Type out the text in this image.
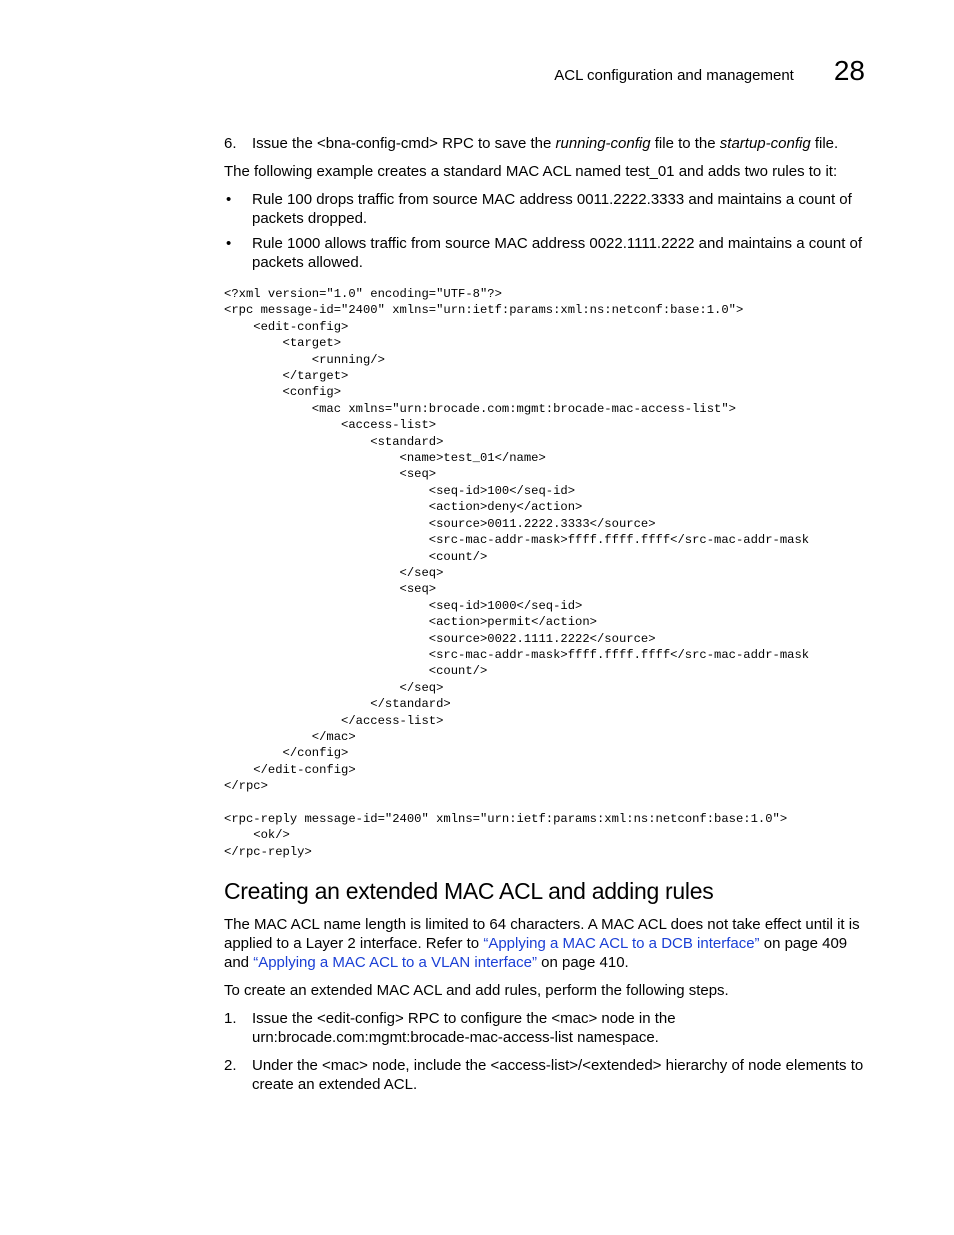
ACL configuration and management 28
6. Issue the <bna-config-cmd> RPC to save the running-config file to the startup-config file.

The following example creates a standard MAC ACL named test_01 and adds two rules to it:

• Rule 100 drops traffic from source MAC address 0011.2222.3333 and maintains a count of packets dropped.
• Rule 1000 allows traffic from source MAC address 0022.1111.2222 and maintains a count of packets allowed.
<?xml version="1.0" encoding="UTF-8"?>
<rpc message-id="2400" xmlns="urn:ietf:params:xml:ns:netconf:base:1.0">
<edit-config>
<target>
<running/>
</target>
<config>
<mac xmlns="urn:brocade.com:mgmt:brocade-mac-access-list">
<access-list>
<standard>
<name>test_01</name>
<seq>
<seq-id>100</seq-id>
<action>deny</action>
<source>0011.2222.3333</source>
<src-mac-addr-mask>ffff.ffff.ffff</src-mac-addr-mask
<count/>
</seq>
<seq>
<seq-id>1000</seq-id>
<action>permit</action>
<source>0022.1111.2222</source>
<src-mac-addr-mask>ffff.ffff.ffff</src-mac-addr-mask
<count/>
</seq>
</standard>
</access-list>
</mac>
</config>
</edit-config>
</rpc>

<rpc-reply message-id="2400" xmlns="urn:ietf:params:xml:ns:netconf:base:1.0">
<ok/>
</rpc-reply>
Creating an extended MAC ACL and adding rules

The MAC ACL name length is limited to 64 characters. A MAC ACL does not take effect until it is applied to a Layer 2 interface. Refer to “Applying a MAC ACL to a DCB interface” on page 409 and “Applying a MAC ACL to a VLAN interface” on page 410.

To create an extended MAC ACL and add rules, perform the following steps.

1. Issue the <edit-config> RPC to configure the <mac> node in the urn:brocade.com:mgmt:brocade-mac-access-list namespace.
2. Under the <mac> node, include the <access-list>/<extended> hierarchy of node elements to create an extended ACL.
